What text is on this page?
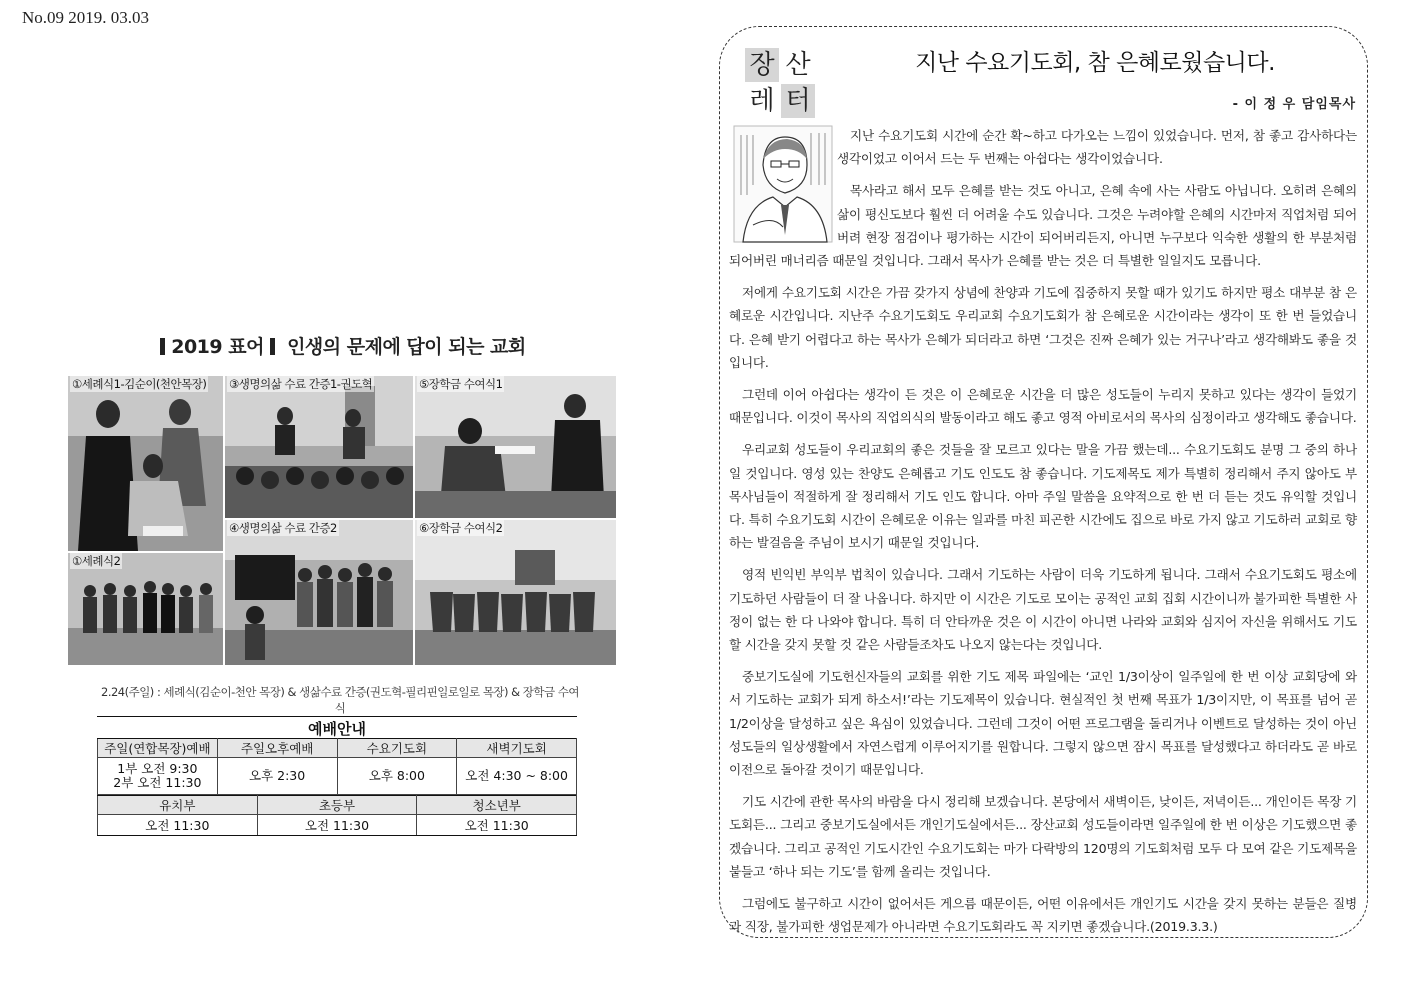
No.09 2019. 03.03
2019 표어 인생의 문제에 답이 되는 교회
①세례식1-김순이(천안목장) ③생명의삶 수료 간증1-권도혁	⑤장학금 수여식1
①세례식2
④생명의삶 수료 간증2	⑥장학금 수여식2
2.24(주일) : 세례식(김순이-천안 목장) & 생삶수료 간증(권도혁-필리핀일로일로 목장) & 장학금 수여식
예배안내
주일(연합목장)예배	주일오후예배	수요기도회	새벽기도회

1부 오전 9:30
2부 오전 11:30	오후 2:30	오후 8:00	오전 4:30 ~ 8:00
유치부	초등부	청소년부
오전 11:30	오전 11:30	오전 11:30
장 산
레 터
지난 수요기도회, 참 은혜로웠습니다.
- 이 정 우 담임목사

지난 수요기도회 시간에 순간 확~하고 다가오는 느낌이 있었습니다. 먼저, 참 좋고 감사하다는 생각이었고 이어서 드는 두 번째는 아쉽다는 생각이었습니다.

목사라고 해서 모두 은혜를 받는 것도 아니고, 은혜 속에 사는 사람도 아닙니다. 오히려 은혜의 삶이 평신도보다 훨씬 더 어려울 수도 있습니다. 그것은 누려야할 은혜의 시간마저 직업처럼 되어버려 현장 점검이나 평가하는 시간이 되어버리든지, 아니면 누구보다 익숙한 생활의 한 부분처럼 되어버린 매너리즘 때문일 것입니다. 그래서 목사가 은혜를 받는 것은 더 특별한 일일지도 모릅니다.

저에게 수요기도회 시간은 가끔 갖가지 상념에 찬양과 기도에 집중하지 못할 때가 있기도 하지만 평소 대부분 참 은혜로운 시간입니다. 지난주 수요기도회도 우리교회 수요기도회가 참 은혜로운 시간이라는 생각이 또 한 번 들었습니다. 은혜 받기 어렵다고 하는 목사가 은혜가 되더라고 하면 ‘그것은 진짜 은혜가 있는 거구나’라고 생각해봐도 좋을 것입니다.

그런데 이어 아쉽다는 생각이 든 것은 이 은혜로운 시간을 더 많은 성도들이 누리지 못하고 있다는 생각이 들었기 때문입니다. 이것이 목사의 직업의식의 발동이라고 해도 좋고 영적 아비로서의 목사의 심정이라고 생각해도 좋습니다.

우리교회 성도들이 우리교회의 좋은 것들을 잘 모르고 있다는 말을 가끔 했는데... 수요기도회도 분명 그 중의 하나일 것입니다. 영성 있는 찬양도 은혜롭고 기도 인도도 참 좋습니다. 기도제목도 제가 특별히 정리해서 주지 않아도 부목사님들이 적절하게 잘 정리해서 기도 인도 합니다. 아마 주일 말씀을 요약적으로 한 번 더 듣는 것도 유익할 것입니다. 특히 수요기도회 시간이 은혜로운 이유는 일과를 마친 피곤한 시간에도 집으로 바로 가지 않고 기도하러 교회로 향하는 발걸음을 주님이 보시기 때문일 것입니다.

영적 빈익빈 부익부 법칙이 있습니다. 그래서 기도하는 사람이 더욱 기도하게 됩니다. 그래서 수요기도회도 평소에 기도하던 사람들이 더 잘 나옵니다. 하지만 이 시간은 기도로 모이는 공적인 교회 집회 시간이니까 불가피한 특별한 사정이 없는 한 다 나와야 합니다. 특히 더 안타까운 것은 이 시간이 아니면 나라와 교회와 심지어 자신을 위해서도 기도할 시간을 갖지 못할 것 같은 사람들조차도 나오지 않는다는 것입니다.

중보기도실에 기도헌신자들의 교회를 위한 기도 제목 파일에는 ‘교인 1/3이상이 일주일에 한 번 이상 교회당에 와서 기도하는 교회가 되게 하소서!’라는 기도제목이 있습니다. 현실적인 첫 번째 목표가 1/3이지만, 이 목표를 넘어 곧 1/2이상을 달성하고 싶은 욕심이 있었습니다. 그런데 그것이 어떤 프로그램을 돌리거나 이벤트로 달성하는 것이 아닌 성도들의 일상생활에서 자연스럽게 이루어지기를 원합니다. 그렇지 않으면 잠시 목표를 달성했다고 하더라도 곧 바로 이전으로 돌아갈 것이기 때문입니다.

기도 시간에 관한 목사의 바람을 다시 정리해 보겠습니다. 본당에서 새벽이든, 낮이든, 저녁이든... 개인이든 목장 기도회든... 그리고 중보기도실에서든 개인기도실에서든... 장산교회 성도들이라면 일주일에 한 번 이상은 기도했으면 좋겠습니다. 그리고 공적인 기도시간인 수요기도회는 마가 다락방의 120명의 기도회처럼 모두 다 모여 같은 기도제목을 붙들고 ‘하나 되는 기도’를 함께 올리는 것입니다.

그럼에도 불구하고 시간이 없어서든 게으름 때문이든, 어떤 이유에서든 개인기도 시간을 갖지 못하는 분들은 질병과 직장, 불가피한 생업문제가 아니라면 수요기도회라도 꼭 지키면 좋겠습니다.(2019.3.3.)
